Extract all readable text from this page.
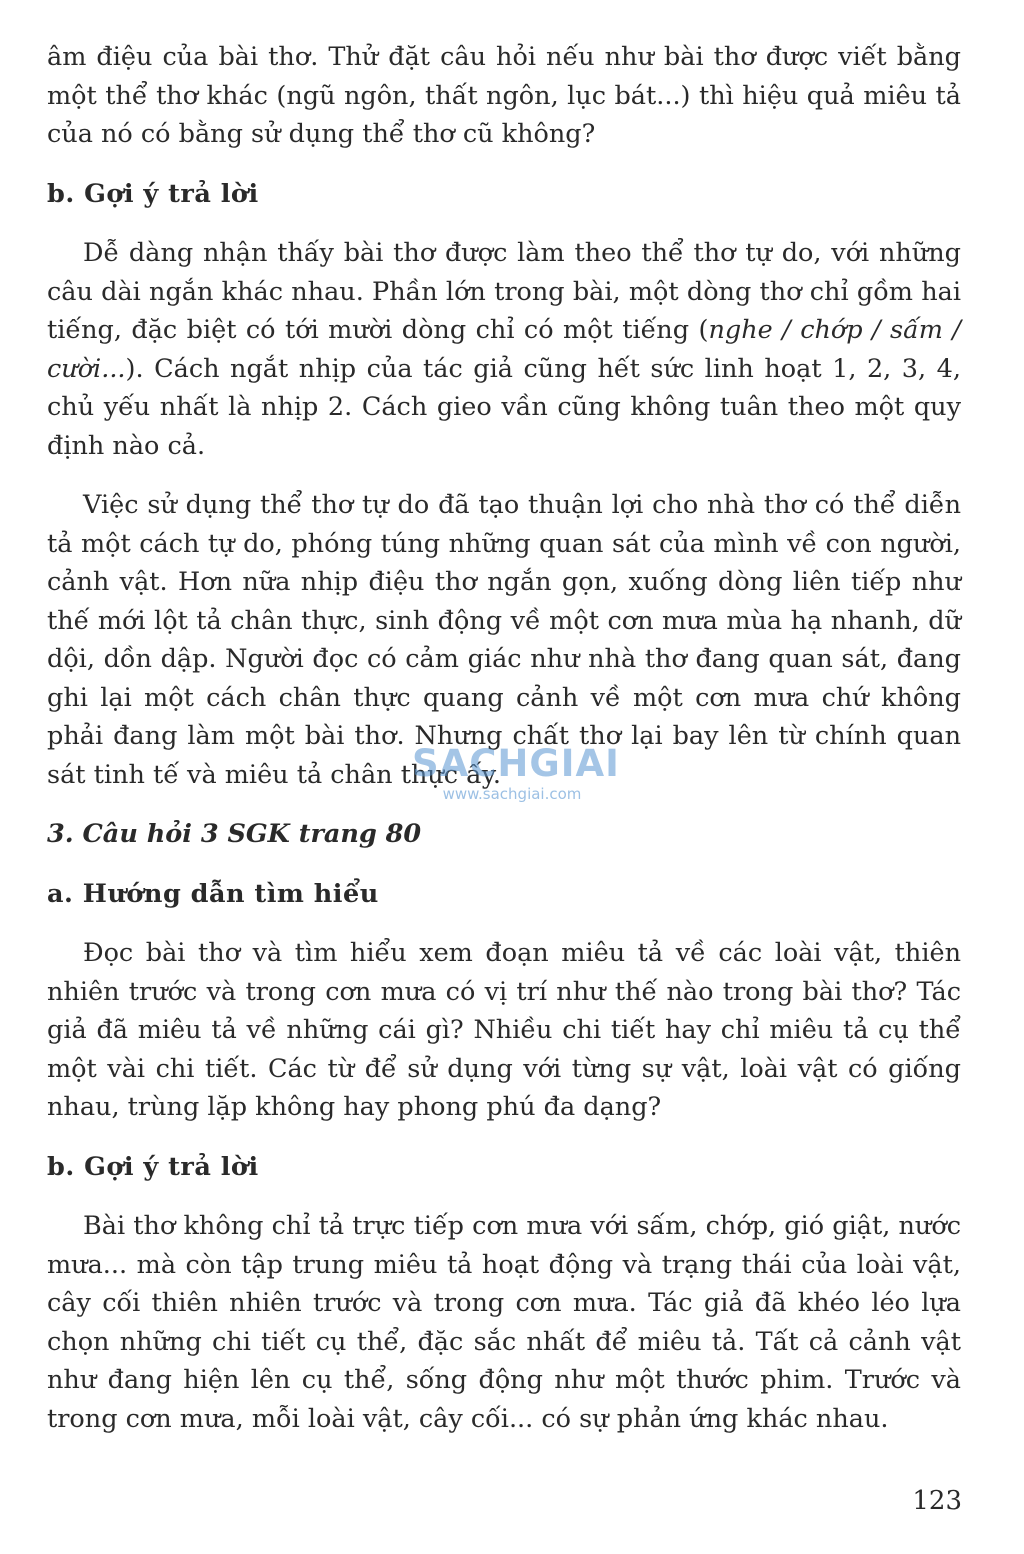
âm điệu của bài thơ. Thử đặt câu hỏi nếu như bài thơ được viết bằng một thể thơ khác (ngũ ngôn, thất ngôn, lục bát...) thì hiệu quả miêu tả của nó có bằng sử dụng thể thơ cũ không?

b. Gợi ý trả lời

Dễ dàng nhận thấy bài thơ được làm theo thể thơ tự do, với những câu dài ngắn khác nhau. Phần lớn trong bài, một dòng thơ chỉ gồm hai tiếng, đặc biệt có tới mười dòng chỉ có một tiếng (nghe / chớp / sấm / cười...). Cách ngắt nhịp của tác giả cũng hết sức linh hoạt 1, 2, 3, 4, chủ yếu nhất là nhịp 2. Cách gieo vần cũng không tuân theo một quy định nào cả.

Việc sử dụng thể thơ tự do đã tạo thuận lợi cho nhà thơ có thể diễn tả một cách tự do, phóng túng những quan sát của mình về con người, cảnh vật. Hơn nữa nhịp điệu thơ ngắn gọn, xuống dòng liên tiếp như thế mới lột tả chân thực, sinh động về một cơn mưa mùa hạ nhanh, dữ dội, dồn dập. Người đọc có cảm giác như nhà thơ đang quan sát, đang ghi lại một cách chân thực quang cảnh về một cơn mưa chứ không phải đang làm một bài thơ. Nhưng chất thơ lại bay lên từ chính quan sát tinh tế và miêu tả chân thực ấy.

3. Câu hỏi 3 SGK trang 80
a. Hướng dẫn tìm hiểu

Đọc bài thơ và tìm hiểu xem đoạn miêu tả về các loài vật, thiên nhiên trước và trong cơn mưa có vị trí như thế nào trong bài thơ? Tác giả đã miêu tả về những cái gì? Nhiều chi tiết hay chỉ miêu tả cụ thể một vài chi tiết. Các từ để sử dụng với từng sự vật, loài vật có giống nhau, trùng lặp không hay phong phú đa dạng?

b. Gợi ý trả lời

Bài thơ không chỉ tả trực tiếp cơn mưa với sấm, chớp, gió giật, nước mưa... mà còn tập trung miêu tả hoạt động và trạng thái của loài vật, cây cối thiên nhiên trước và trong cơn mưa. Tác giả đã khéo léo lựa chọn những chi tiết cụ thể, đặc sắc nhất để miêu tả. Tất cả cảnh vật như đang hiện lên cụ thể, sống động như một thước phim. Trước và trong cơn mưa, mỗi loài vật, cây cối... có sự phản ứng khác nhau.

SACHGIAI
www.sachgiai.com
123
